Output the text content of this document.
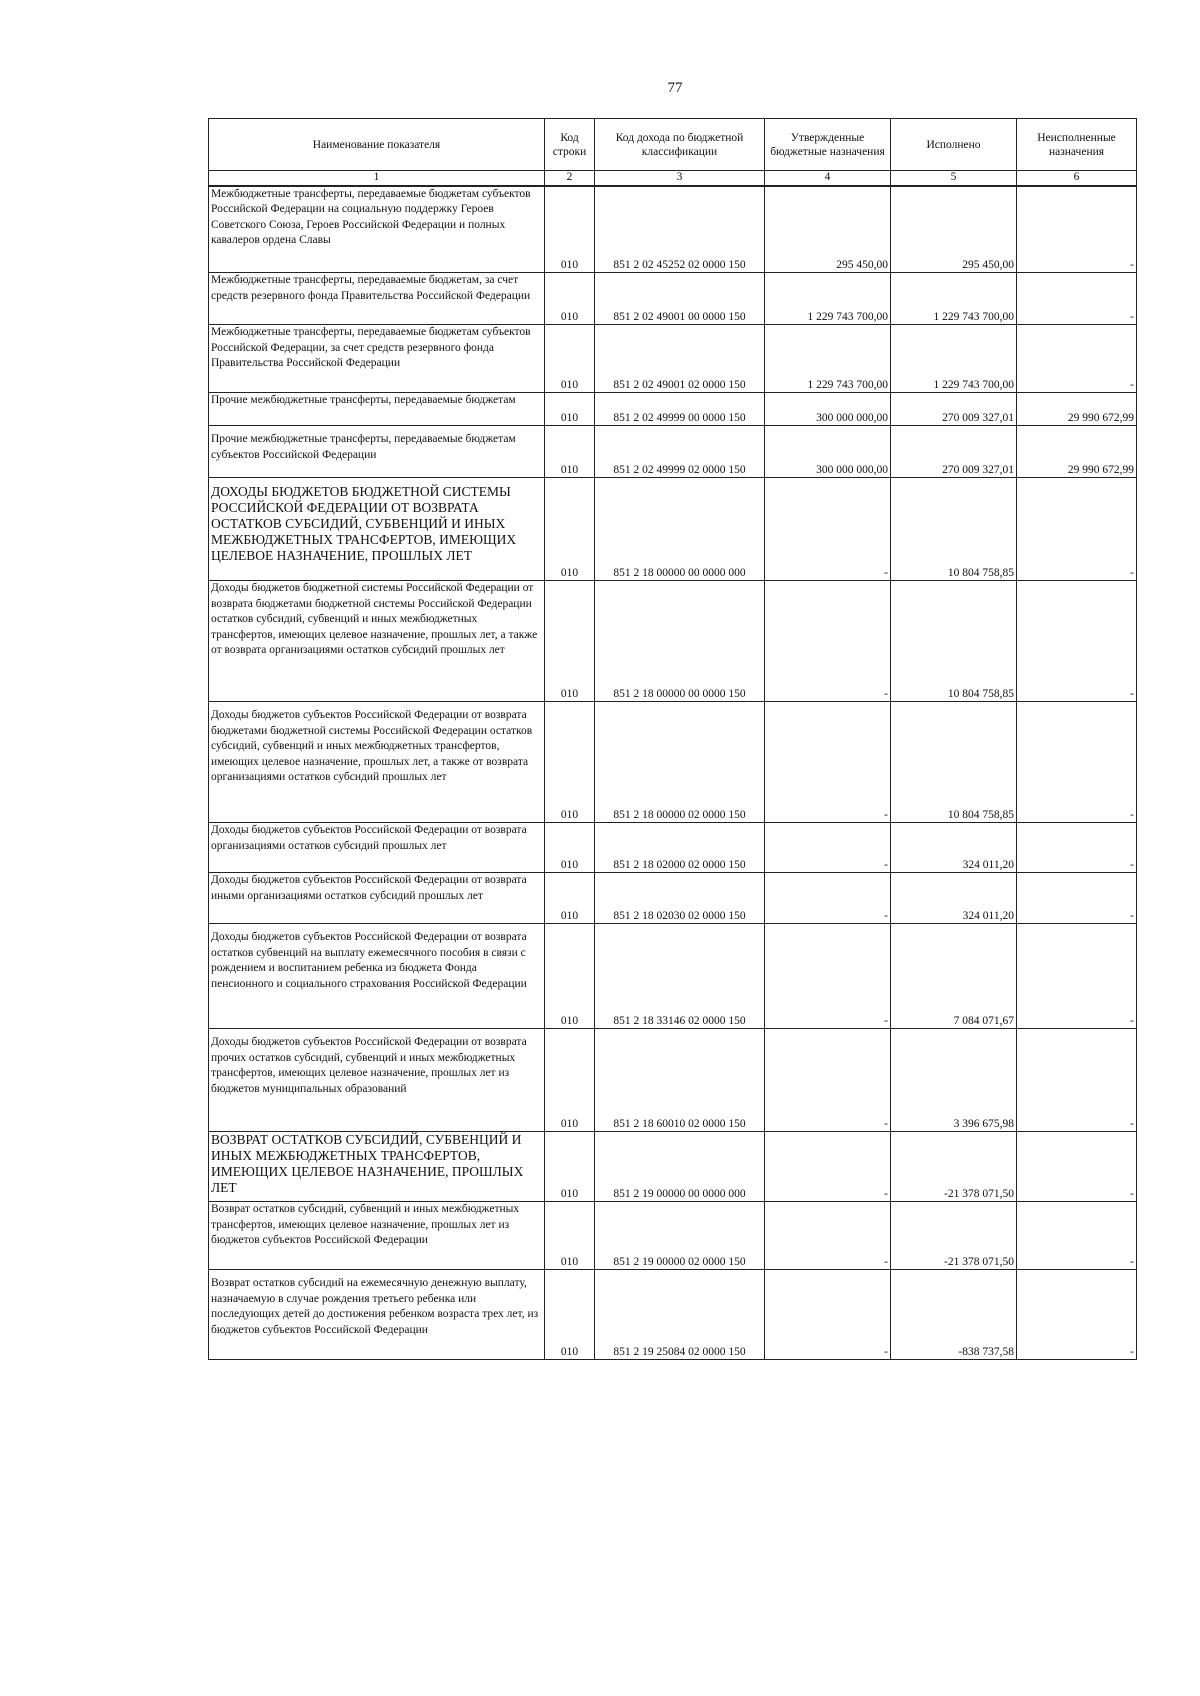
77
Наименование показателя	Код строки	Код дохода по бюджетной классификации	Утвержденные бюджетные назначения	Исполнено	Неисполненные назначения
1	2	3	4	5	6
Межбюджетные трансферты, передаваемые бюджетам субъектов Российской Федерации на социальную поддержку Героев Советского Союза, Героев Российской Федерации и полных кавалеров ордена Славы	010	851 2 02 45252 02 0000 150	295 450,00	295 450,00	-
Межбюджетные трансферты, передаваемые бюджетам, за счет средств резервного фонда Правительства Российской Федерации	010	851 2 02 49001 00 0000 150	1 229 743 700,00	1 229 743 700,00	-
Межбюджетные трансферты, передаваемые бюджетам субъектов Российской Федерации, за счет средств резервного фонда Правительства Российской Федерации	010	851 2 02 49001 02 0000 150	1 229 743 700,00	1 229 743 700,00	-
Прочие межбюджетные трансферты, передаваемые бюджетам	010	851 2 02 49999 00 0000 150	300 000 000,00	270 009 327,01	29 990 672,99
Прочие межбюджетные трансферты, передаваемые бюджетам субъектов Российской Федерации	010	851 2 02 49999 02 0000 150	300 000 000,00	270 009 327,01	29 990 672,99
ДОХОДЫ БЮДЖЕТОВ БЮДЖЕТНОЙ СИСТЕМЫ РОССИЙСКОЙ ФЕДЕРАЦИИ ОТ ВОЗВРАТА ОСТАТКОВ СУБСИДИЙ, СУБВЕНЦИЙ И ИНЫХ МЕЖБЮДЖЕТНЫХ ТРАНСФЕРТОВ, ИМЕЮЩИХ ЦЕЛЕВОЕ НАЗНАЧЕНИЕ, ПРОШЛЫХ ЛЕТ	010	851 2 18 00000 00 0000 000	-	10 804 758,85	-
Доходы бюджетов бюджетной системы Российской Федерации от возврата бюджетами бюджетной системы Российской Федерации остатков субсидий, субвенций и иных межбюджетных трансфертов, имеющих целевое назначение, прошлых лет, а также от возврата организациями остатков субсидий прошлых лет	010	851 2 18 00000 00 0000 150	-	10 804 758,85	-
Доходы бюджетов субъектов Российской Федерации от возврата бюджетами бюджетной системы Российской Федерации остатков субсидий, субвенций и иных межбюджетных трансфертов, имеющих целевое назначение, прошлых лет, а также от возврата организациями остатков субсидий прошлых лет	010	851 2 18 00000 02 0000 150	-	10 804 758,85	-
Доходы бюджетов субъектов Российской Федерации от возврата организациями остатков субсидий прошлых лет	010	851 2 18 02000 02 0000 150	-	324 011,20	-
Доходы бюджетов субъектов Российской Федерации от возврата иными организациями остатков субсидий прошлых лет	010	851 2 18 02030 02 0000 150	-	324 011,20	-
Доходы бюджетов субъектов Российской Федерации от возврата остатков субвенций на выплату ежемесячного пособия в связи с рождением и воспитанием ребенка из бюджета Фонда пенсионного и социального страхования Российской Федерации	010	851 2 18 33146 02 0000 150	-	7 084 071,67	-
Доходы бюджетов субъектов Российской Федерации от возврата прочих остатков субсидий, субвенций и иных межбюджетных трансфертов, имеющих целевое назначение, прошлых лет из бюджетов муниципальных образований	010	851 2 18 60010 02 0000 150	-	3 396 675,98	-
ВОЗВРАТ ОСТАТКОВ СУБСИДИЙ, СУБВЕНЦИЙ И ИНЫХ МЕЖБЮДЖЕТНЫХ ТРАНСФЕРТОВ, ИМЕЮЩИХ ЦЕЛЕВОЕ НАЗНАЧЕНИЕ, ПРОШЛЫХ ЛЕТ	010	851 2 19 00000 00 0000 000	-	-21 378 071,50	-
Возврат остатков субсидий, субвенций и иных межбюджетных трансфертов, имеющих целевое назначение, прошлых лет из бюджетов субъектов Российской Федерации	010	851 2 19 00000 02 0000 150	-	-21 378 071,50	-
Возврат остатков субсидий на ежемесячную денежную выплату, назначаемую в случае рождения третьего ребенка или последующих детей до достижения ребенком возраста трех лет, из бюджетов субъектов Российской Федерации	010	851 2 19 25084 02 0000 150	-	-838 737,58	-
